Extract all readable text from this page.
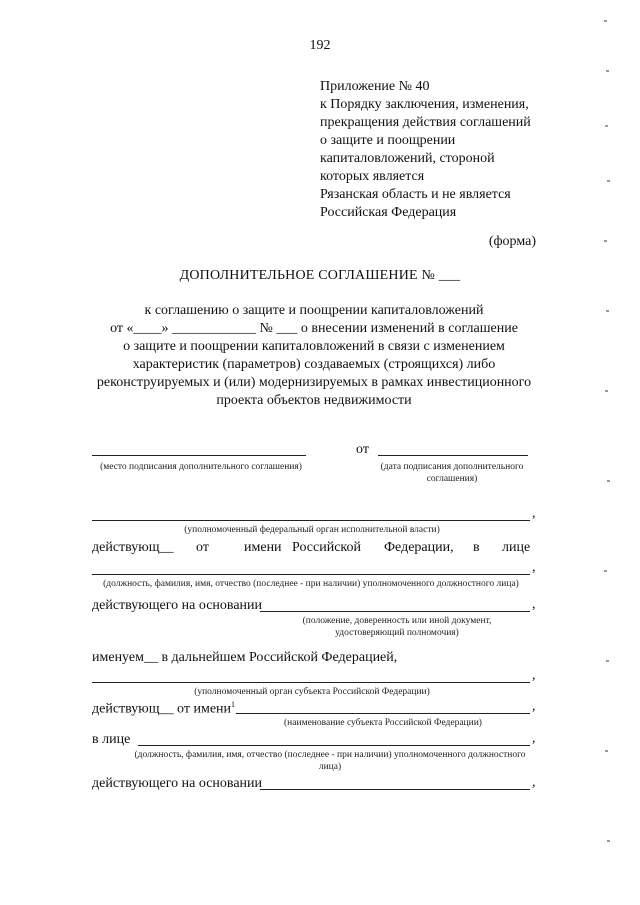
192
Приложение № 40
к Порядку заключения, изменения,
прекращения действия соглашений
о защите и поощрении
капиталовложений, стороной
которых является
Рязанская область и не является
Российская Федерация
(форма)
ДОПОЛНИТЕЛЬНОЕ СОГЛАШЕНИЕ № ___
к соглашению о защите и поощрении капиталовложений
от «____» ____________ № ___ о внесении изменений в соглашение
о защите и поощрении капиталовложений в связи с изменением
характеристик (параметров) создаваемых (строящихся) либо
реконструируемых и (или) модернизируемых в рамках инвестиционного
проекта объектов недвижимости
(место подписания дополнительного соглашения)
от
(дата подписания дополнительного
соглашения)
,
(уполномоченный федеральный орган исполнительной власти)
действующ__ от	имени Российской Федерации, в лице
,
(должность, фамилия, имя, отчество (последнее - при наличии) уполномоченного должностного лица)
действующего на основании	,
(положение, доверенность или иной документ,
удостоверяющий полномочия)
именуем__ в дальнейшем Российской Федерацией,
,
(уполномоченный орган субъекта Российской Федерации)
действующ__ от имени$^1$	,
(наименование субъекта Российской Федерации)
в лице	,
(должность, фамилия, имя, отчество (последнее - при наличии) уполномоченного должностного
лица)
действующего на основании	,
